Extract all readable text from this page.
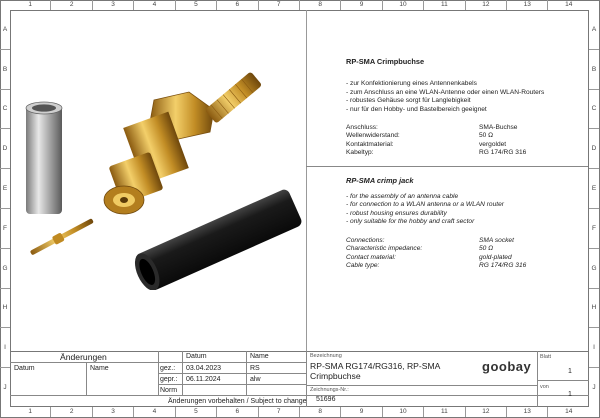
1	2	3	4	5	6	7	8	9	10	11	12	13	14
1	2	3	4	5	6	7	8	9	10	11	12	13	14
A
B
C
D
E
F
G
H
I
J
A
B
C
D
E
F
G
H
I
J
RP-SMA Crimpbuchse
- zur Konfektionierung eines Antennenkabels
- zum Anschluss an eine WLAN-Antenne oder einen WLAN-Routers
- robustes Gehäuse sorgt für Langlebigkeit
- nur für den Hobby- und Bastelbereich geeignet
Anschluss:	SMA-Buchse
Wellenwiderstand:	50 Ω
Kontaktmaterial:	vergoldet
Kabeltyp:	RG 174/RG 316
RP-SMA crimp jack
- for the assembly of an antenna cable
- for connection to a WLAN antenna or a WLAN router
- robust housing ensures durability
- only suitable for the hobby and craft sector
Connections:	SMA socket
Characteristic impedance:	50 Ω
Contact material:	gold-plated
Cable type:	RG 174/RG 316
Änderungen
Datum	Name
Datum	Name
gez.: 03.04.2023	RS
gepr.: 06.11.2024	alw
Norm
Änderungen vorbehalten / Subject to change
Bezeichnung
RP-SMA RG174/RG316, RP-SMA Crimpbuchse
Zeichnungs-Nr.:
51696
goobay
Blatt
1
von
1
